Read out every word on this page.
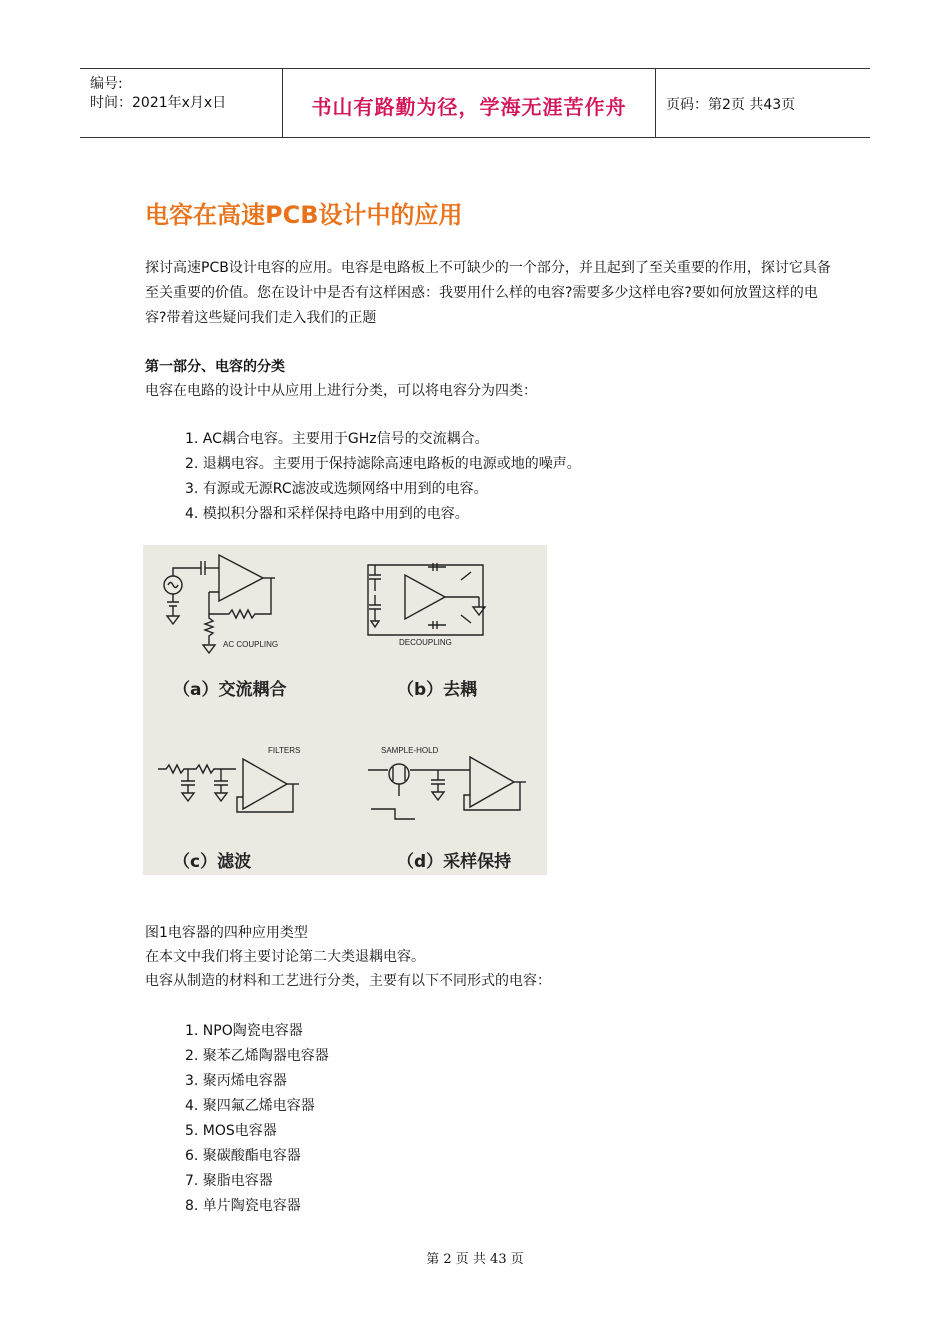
编号:
时间：2021年x月x日	书山有路勤为径，学海无涯苦作舟	页码：第2页 共43页
电容在高速PCB设计中的应用
探讨高速PCB设计电容的应用。电容是电路板上不可缺少的一个部分，并且起到了至关重要的作用，探讨它具备至关重要的价值。您在设计中是否有这样困惑：我要用什么样的电容?需要多少这样电容?要如何放置这样的电容?带着这些疑问我们走入我们的正题
第一部分、电容的分类
电容在电路的设计中从应用上进行分类，可以将电容分为四类：
1. AC耦合电容。主要用于GHz信号的交流耦合。
2. 退耦电容。主要用于保持滤除高速电路板的电源或地的噪声。
3. 有源或无源RC滤波或选频网络中用到的电容。
4. 模拟积分器和采样保持电路中用到的电容。
AC COUPLING
（a）交流耦合
DECOUPLING
（b）去耦
FILTERS
（c）滤波
SAMPLE-HOLD
（d）采样保持
图1电容器的四种应用类型
在本文中我们将主要讨论第二大类退耦电容。
电容从制造的材料和工艺进行分类，主要有以下不同形式的电容：
1. NPO陶瓷电容器
2. 聚苯乙烯陶器电容器
3. 聚丙烯电容器
4. 聚四氟乙烯电容器
5. MOS电容器
6. 聚碳酸酯电容器
7. 聚脂电容器
8. 单片陶瓷电容器
第 2 页 共 43 页
